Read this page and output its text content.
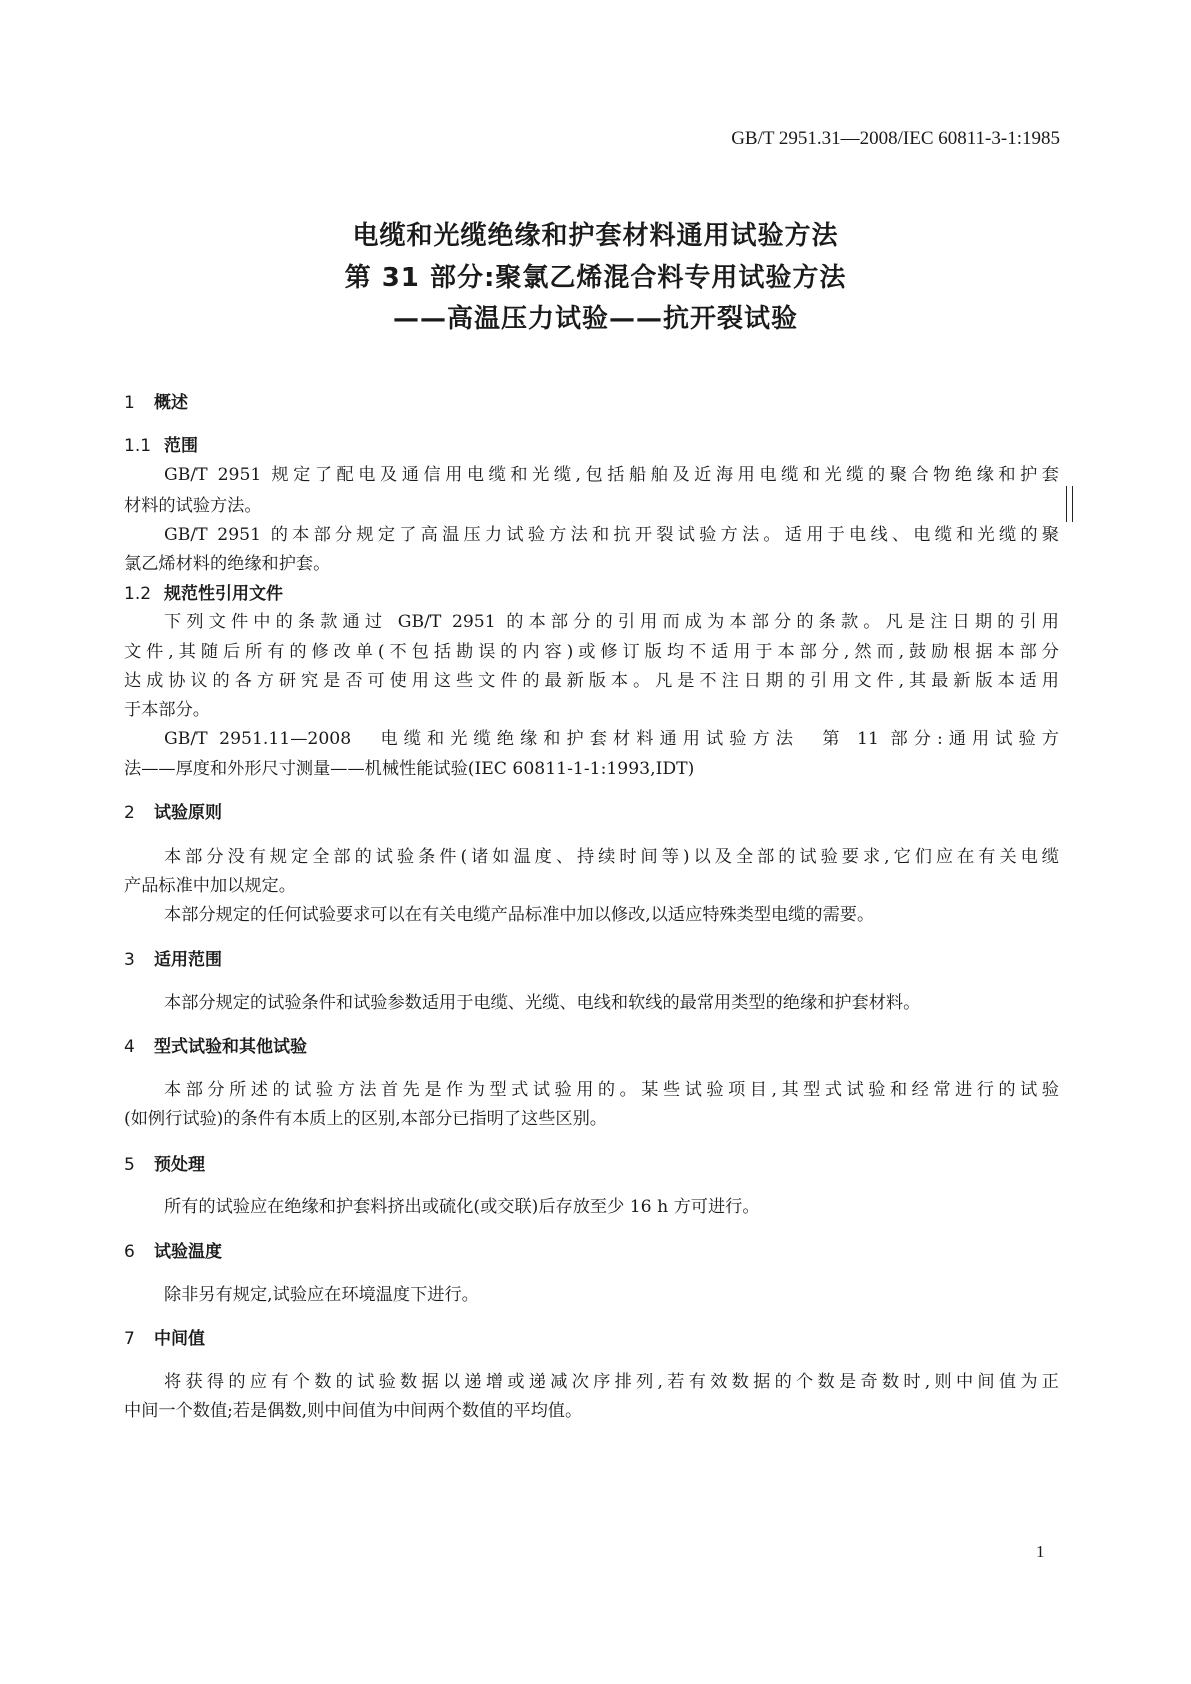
GB/T 2951.31—2008/IEC 60811-3-1:1985
电缆和光缆绝缘和护套材料通用试验方法
第 31 部分:聚氯乙烯混合料专用试验方法
——高温压力试验——抗开裂试验
1 概述
1.1 范围
GB/T 2951 规定了配电及通信用电缆和光缆,包括船舶及近海用电缆和光缆的聚合物绝缘和护套
材料的试验方法。
GB/T 2951 的本部分规定了高温压力试验方法和抗开裂试验方法。适用于电线、电缆和光缆的聚
氯乙烯材料的绝缘和护套。
1.2 规范性引用文件
下列文件中的条款通过 GB/T 2951 的本部分的引用而成为本部分的条款。凡是注日期的引用
文件,其随后所有的修改单(不包括勘误的内容)或修订版均不适用于本部分,然而,鼓励根据本部分
达成协议的各方研究是否可使用这些文件的最新版本。凡是不注日期的引用文件,其最新版本适用
于本部分。
GB/T 2951.11—2008　电缆和光缆绝缘和护套材料通用试验方法　第 11 部分:通用试验方
法——厚度和外形尺寸测量——机械性能试验(IEC 60811-1-1:1993,IDT)
2 试验原则
本部分没有规定全部的试验条件(诸如温度、持续时间等)以及全部的试验要求,它们应在有关电缆
产品标准中加以规定。
本部分规定的任何试验要求可以在有关电缆产品标准中加以修改,以适应特殊类型电缆的需要。
3 适用范围
本部分规定的试验条件和试验参数适用于电缆、光缆、电线和软线的最常用类型的绝缘和护套材料。
4 型式试验和其他试验
本部分所述的试验方法首先是作为型式试验用的。某些试验项目,其型式试验和经常进行的试验
(如例行试验)的条件有本质上的区别,本部分已指明了这些区别。
5 预处理
所有的试验应在绝缘和护套料挤出或硫化(或交联)后存放至少 16 h 方可进行。
6 试验温度
除非另有规定,试验应在环境温度下进行。
7 中间值
将获得的应有个数的试验数据以递增或递减次序排列,若有效数据的个数是奇数时,则中间值为正
中间一个数值;若是偶数,则中间值为中间两个数值的平均值。
1
